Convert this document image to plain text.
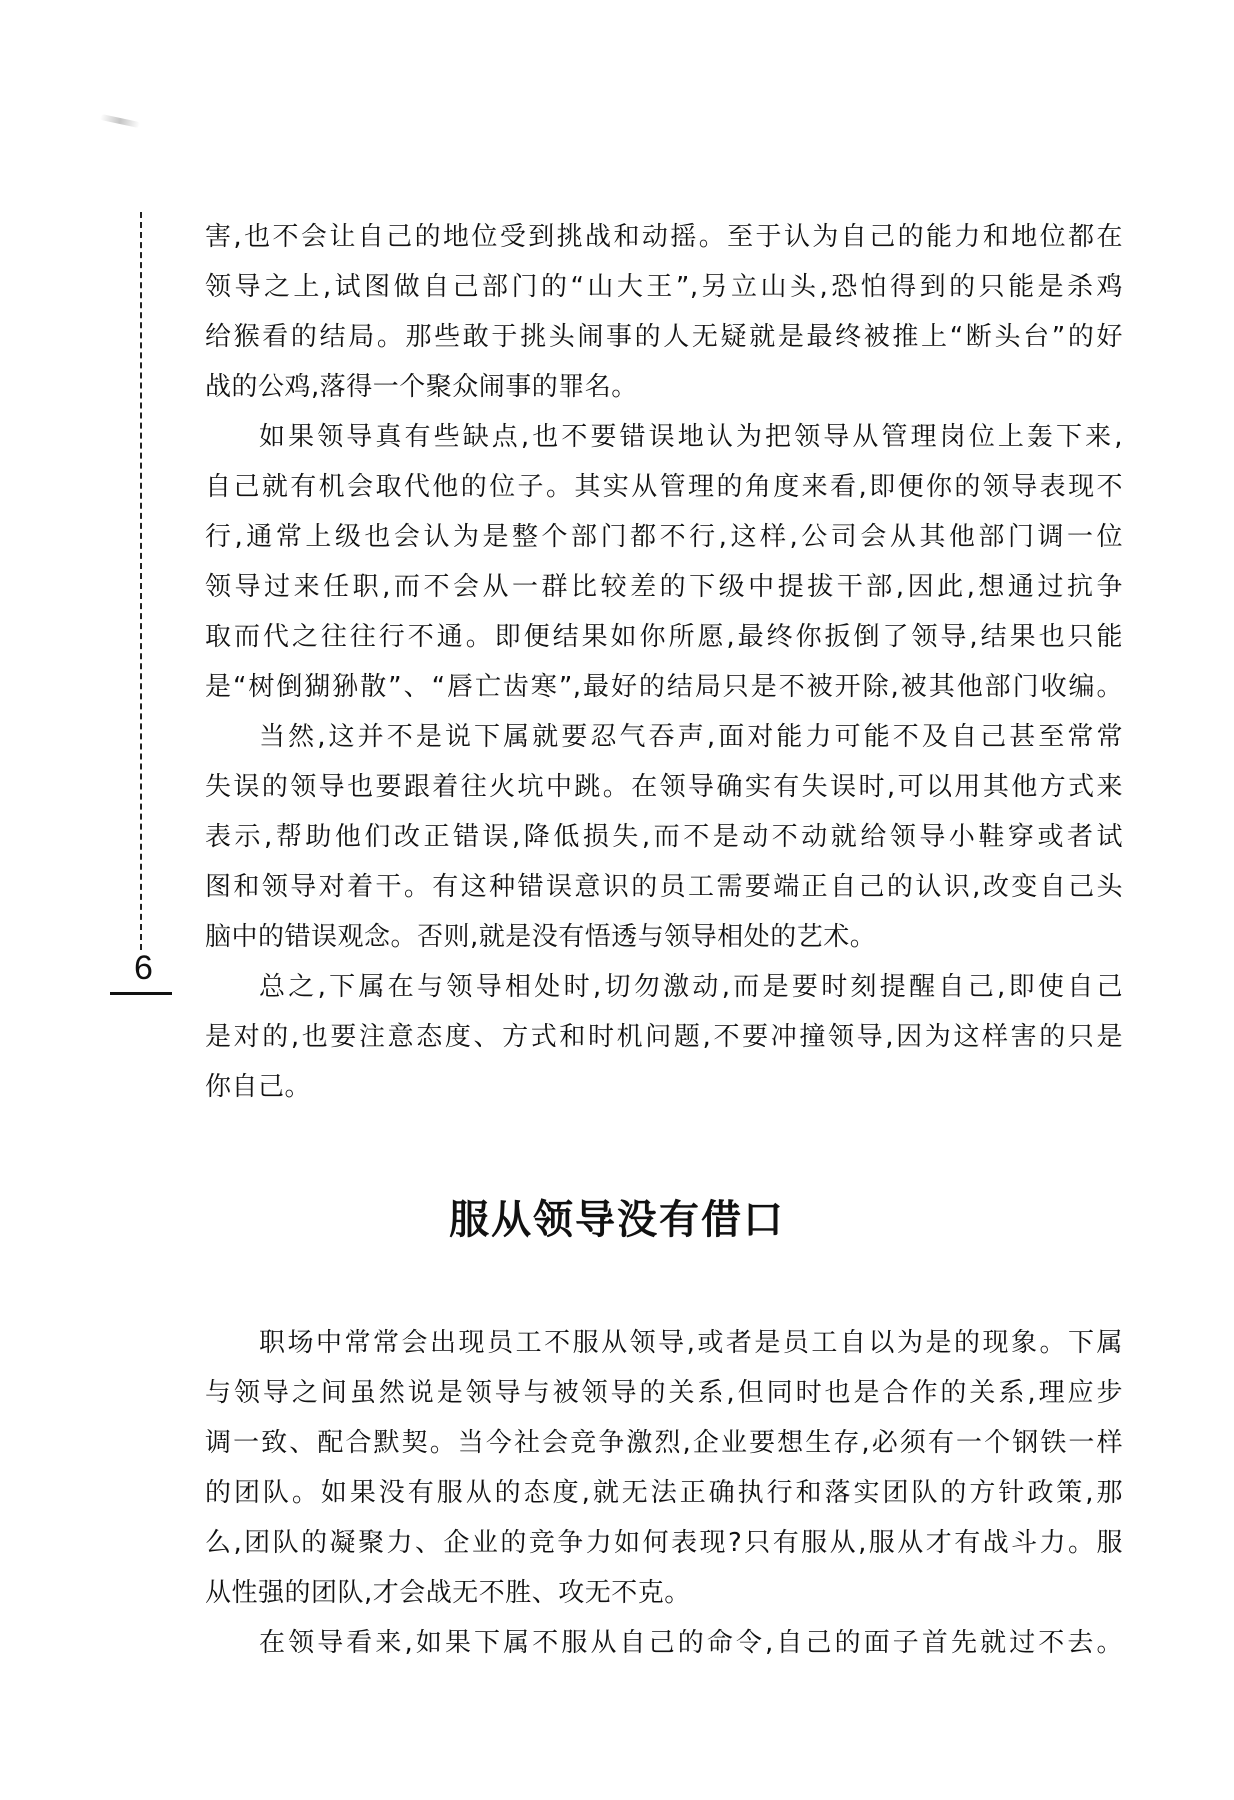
6
害,也不会让自己的地位受到挑战和动摇。至于认为自己的能力和地位都在
领导之上,试图做自己部门的“山大王”,另立山头,恐怕得到的只能是杀鸡
给猴看的结局。那些敢于挑头闹事的人无疑就是最终被推上“断头台”的好
战的公鸡,落得一个聚众闹事的罪名。
如果领导真有些缺点,也不要错误地认为把领导从管理岗位上轰下来,
自己就有机会取代他的位子。其实从管理的角度来看,即便你的领导表现不
行,通常上级也会认为是整个部门都不行,这样,公司会从其他部门调一位
领导过来任职,而不会从一群比较差的下级中提拔干部,因此,想通过抗争
取而代之往往行不通。即便结果如你所愿,最终你扳倒了领导,结果也只能
是“树倒猢狲散”、“唇亡齿寒”,最好的结局只是不被开除,被其他部门收编。
当然,这并不是说下属就要忍气吞声,面对能力可能不及自己甚至常常
失误的领导也要跟着往火坑中跳。在领导确实有失误时,可以用其他方式来
表示,帮助他们改正错误,降低损失,而不是动不动就给领导小鞋穿或者试
图和领导对着干。有这种错误意识的员工需要端正自己的认识,改变自己头
脑中的错误观念。否则,就是没有悟透与领导相处的艺术。
总之,下属在与领导相处时,切勿激动,而是要时刻提醒自己,即使自己
是对的,也要注意态度、方式和时机问题,不要冲撞领导,因为这样害的只是
你自己。
服从领导没有借口
职场中常常会出现员工不服从领导,或者是员工自以为是的现象。下属
与领导之间虽然说是领导与被领导的关系,但同时也是合作的关系,理应步
调一致、配合默契。当今社会竞争激烈,企业要想生存,必须有一个钢铁一样
的团队。如果没有服从的态度,就无法正确执行和落实团队的方针政策,那
么,团队的凝聚力、企业的竞争力如何表现?只有服从,服从才有战斗力。服
从性强的团队,才会战无不胜、攻无不克。
在领导看来,如果下属不服从自己的命令,自己的面子首先就过不去。
